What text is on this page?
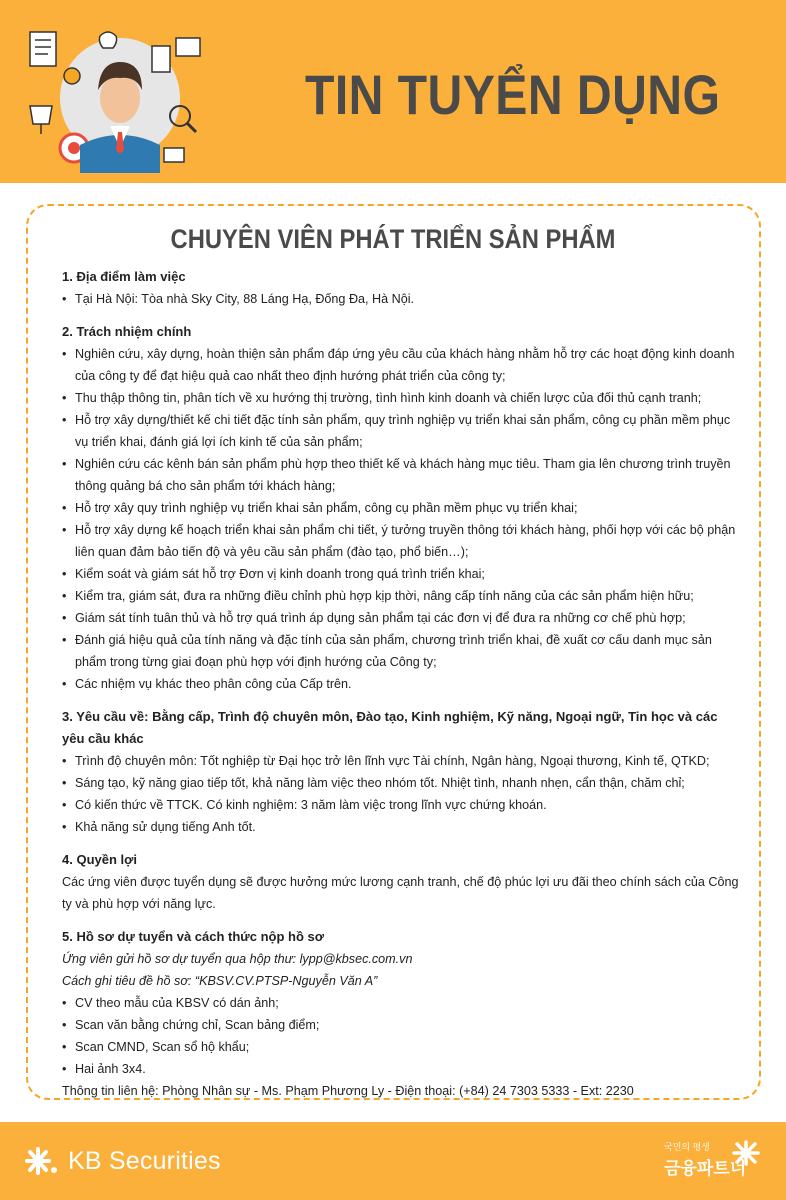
TIN TUYỂN DỤNG
CHUYÊN VIÊN PHÁT TRIỂN SẢN PHẨM
1. Địa điểm làm việc
• Tại Hà Nội: Tòa nhà Sky City, 88 Láng Hạ, Đống Đa, Hà Nội.
2. Trách nhiệm chính
• Nghiên cứu, xây dựng, hoàn thiện sản phẩm đáp ứng yêu cầu của khách hàng nhằm hỗ trợ các hoạt động kinh doanh của công ty để đạt hiệu quả cao nhất theo định hướng phát triển của công ty;
• Thu thập thông tin, phân tích về xu hướng thị trường, tình hình kinh doanh và chiến lược của đối thủ cạnh tranh;
• Hỗ trợ xây dựng/thiết kế chi tiết đặc tính sản phẩm, quy trình nghiệp vụ triển khai sản phẩm, công cụ phần mềm phục vụ triển khai, đánh giá lợi ích kinh tế của sản phẩm;
• Nghiên cứu các kênh bán sản phẩm phù hợp theo thiết kế và khách hàng mục tiêu. Tham gia lên chương trình truyền thông quảng bá cho sản phẩm tới khách hàng;
• Hỗ trợ xây quy trình nghiệp vụ triển khai sản phẩm, công cụ phần mềm phục vụ triển khai;
• Hỗ trợ xây dựng kế hoạch triển khai sản phẩm chi tiết, ý tưởng truyền thông tới khách hàng, phối hợp với các bộ phận liên quan đảm bảo tiến độ và yêu cầu sản phẩm (đào tạo, phổ biến…);
• Kiểm soát và giám sát hỗ trợ Đơn vị kinh doanh trong quá trình triển khai;
• Kiểm tra, giám sát, đưa ra những điều chỉnh phù hợp kịp thời, nâng cấp tính năng của các sản phẩm hiện hữu;
• Giám sát tính tuân thủ và hỗ trợ quá trình áp dụng sản phẩm tại các đơn vị để đưa ra những cơ chế phù hợp;
• Đánh giá hiệu quả của tính năng và đặc tính của sản phẩm, chương trình triển khai, đề xuất cơ cấu danh mục sản phẩm trong từng giai đoạn phù hợp với định hướng của Công ty;
• Các nhiệm vụ khác theo phân công của Cấp trên.
3. Yêu cầu về: Bằng cấp, Trình độ chuyên môn, Đào tạo, Kinh nghiệm, Kỹ năng, Ngoại ngữ, Tin học và các yêu cầu khác
• Trình độ chuyên môn: Tốt nghiệp từ Đại học trở lên lĩnh vực Tài chính, Ngân hàng, Ngoại thương, Kinh tế, QTKD;
• Sáng tạo, kỹ năng giao tiếp tốt, khả năng làm việc theo nhóm tốt. Nhiệt tình, nhanh nhẹn, cẩn thận, chăm chỉ;
• Có kiến thức về TTCK. Có kinh nghiệm: 3 năm làm việc trong lĩnh vực chứng khoán.
• Khả năng sử dụng tiếng Anh tốt.
4. Quyền lợi
Các ứng viên được tuyển dụng sẽ được hưởng mức lương cạnh tranh, chế độ phúc lợi ưu đãi theo chính sách của Công ty và phù hợp với năng lực.
5. Hồ sơ dự tuyển và cách thức nộp hồ sơ
Ứng viên gửi hồ sơ dự tuyển qua hộp thư: lypp@kbsec.com.vn
Cách ghi tiêu đề hồ sơ: “KBSV.CV.PTSP-Nguyễn Văn A”
• CV theo mẫu của KBSV có dán ảnh;
• Scan văn bằng chứng chỉ, Scan bảng điểm;
• Scan CMND, Scan sổ hộ khẩu;
• Hai ảnh 3x4.
Thông tin liên hệ: Phòng Nhân sự - Ms. Phạm Phương Ly - Điện thoại: (+84) 24 7303 5333 - Ext: 2230
KB Securities	국민의 평생
금융파트너
